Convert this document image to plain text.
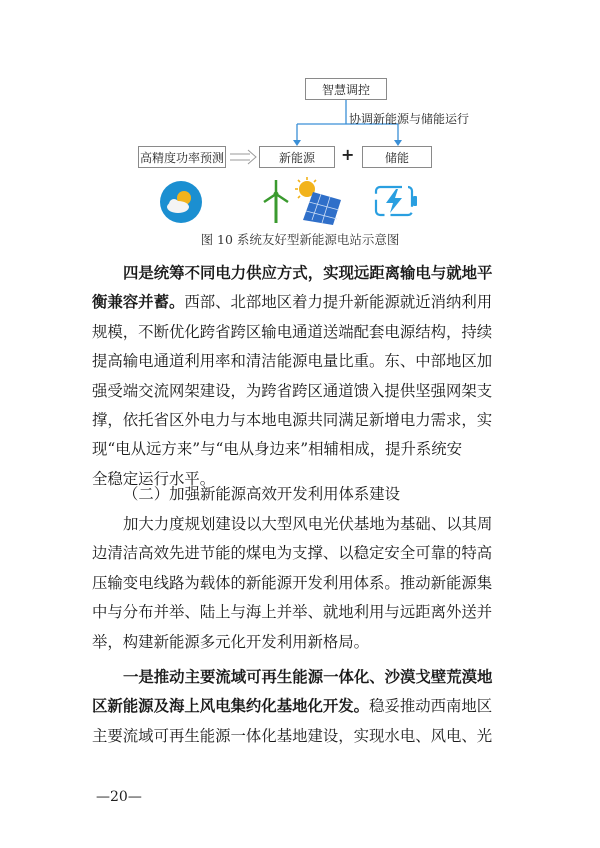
智慧调控
协调新能源与储能运行
高精度功率预测	新能源	+	储能
图 10 系统友好型新能源电站示意图
四是统筹不同电力供应方式，实现远距离输电与就地平
衡兼容并蓄。西部、北部地区着力提升新能源就近消纳利用
规模，不断优化跨省跨区输电通道送端配套电源结构，持续
提高输电通道利用率和清洁能源电量比重。东、中部地区加
强受端交流网架建设，为跨省跨区通道馈入提供坚强网架支
撑，依托省区外电力与本地电源共同满足新增电力需求，实
现“电从远方来”与“电从身边来”相辅相成，提升系统安
全稳定运行水平。
（二）加强新能源高效开发利用体系建设
加大力度规划建设以大型风电光伏基地为基础、以其周
边清洁高效先进节能的煤电为支撑、以稳定安全可靠的特高
压输变电线路为载体的新能源开发利用体系。推动新能源集
中与分布并举、陆上与海上并举、就地利用与远距离外送并
举，构建新能源多元化开发利用新格局。
一是推动主要流域可再生能源一体化、沙漠戈壁荒漠地
区新能源及海上风电集约化基地化开发。稳妥推动西南地区
主要流域可再生能源一体化基地建设，实现水电、风电、光
—20—
